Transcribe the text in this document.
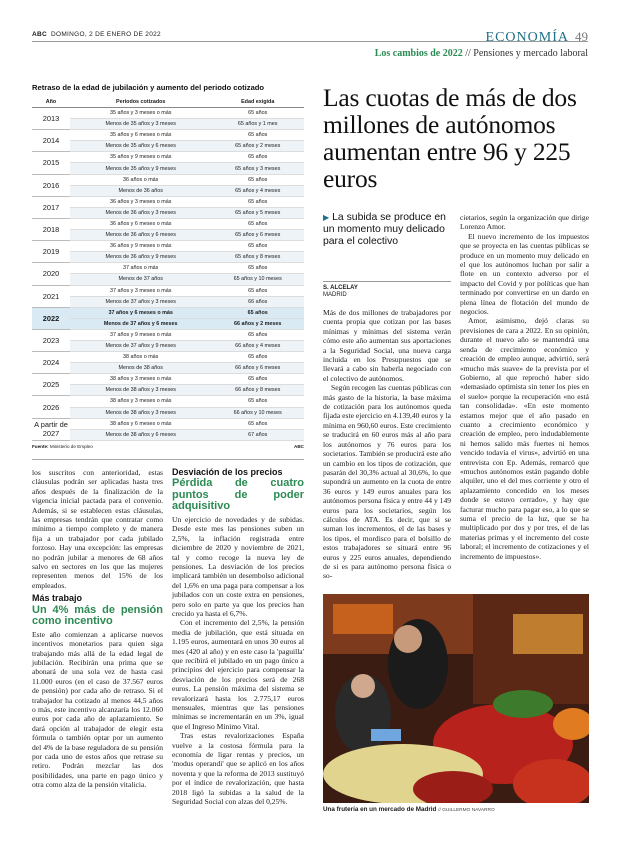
ABC DOMINGO, 2 DE ENERO DE 2022	ECONOMÍA 49
Los cambios de 2022 // Pensiones y mercado laboral
Retraso de la edad de jubilación y aumento del periodo cotizado
Año	Periodos cotizados	Edad exigida
2013	35 años y 3 meses o más	65 años
	Menos de 35 años y 3 meses	65 años y 1 mes
2014	35 años y 6 meses o más	65 años
	Menos de 35 años y 6 meses	65 años y 2 meses
2015	35 años y 9 meses o más	65 años
	Menos de 35 años y 9 meses	65 años y 3 meses
2016	36 años o más	65 años
	Menos de 36 años	65 años y 4 meses
2017	36 años y 3 meses o más	65 años
	Menos de 36 años y 3 meses	65 años y 5 meses
2018	36 años y 6 meses o más	65 años
	Menos de 36 años y 6 meses	65 años y 6 meses
2019	36 años y 9 meses o más	65 años
	Menos de 36 años y 9 meses	65 años y 8 meses
2020	37 años o más	65 años
	Menos de 37 años	65 años y 10 meses
2021	37 años y 3 meses o más	65 años
	Menos de 37 años y 3 meses	66 años
2022	37 años y 6 meses o más	65 años
	Menos de 37 años y 6 meses	66 años y 2 meses
2023	37 años y 9 meses o más	65 años
	Menos de 37 años y 9 meses	66 años y 4 meses
2024	38 años o más	65 años
	Menos de 38 años	66 años y 6 meses
2025	38 años y 3 meses o más	65 años
	Menos de 38 años y 3 meses	66 años y 8 meses
2026	38 años y 3 meses o más	65 años
	Menos de 38 años y 3 meses	66 años y 10 meses
A partir de 2027	38 años y 6 meses o más	65 años
	Menos de 38 años y 6 meses	67 años
Fuente: Ministerio de Empleo	ABC
Las cuotas de más de dos millones de autónomos aumentan entre 96 y 225 euros
▶ La subida se produce en un momento muy delicado para el colectivo
S. ALCELAY
MADRID

Más de dos millones de trabajadores por cuenta propia que cotizan por las bases mínimas y mínimas del sistema verán cómo este año aumentan sus aportaciones a la Seguridad Social, una nueva carga incluida en los Presupuestos que se llevará a cabo sin haberla negociado con el colectivo de autónomos.

Según recogen las cuentas públicas con más gasto de la historia, la base máxima de cotización para los autónomos queda fijada este ejercicio en 4.139,40 euros y la mínima en 960,60 euros. Este crecimiento se traducirá en 60 euros más al año para los autónomos y 76 euros para los societarios. También se producirá este año un cambio en los tipos de cotización, que pasarán del 30,3% actual al 30,6%, lo que supondrá un aumento en la cuota de entre 36 euros y 149 euros anuales para los autónomos persona física y entre 44 y 149 euros para los societarios, según los cálculos de ATA. Es decir, que si se suman los incrementos, el de las bases y los tipos, el mordisco para el bolsillo de estos trabajadores se situará entre 96 euros y 225 euros anuales, dependiendo de si es para autónomo persona física o so-

cietarios, según la organización que dirige Lorenzo Amor.

El nuevo incremento de los impuestos que se proyecta en las cuentas públicas se produce en un momento muy delicado en el que los autónomos luchan por salir a flote en un contexto adverso por el impacto del Covid y por políticas que han terminado por convertirse en un dardo en plena línea de flotación del mundo de negocios.

Amor, asimismo, dejó claras su previsiones de cara a 2022. En su opinión, durante el nuevo año se mantendrá una senda de crecimiento económico y creación de empleo aunque, advirtió, será «mucho más suave» de la prevista por el Gobierno, al que reprochó haber sido «demasiado optimista sin tener los pies en el suelo» porque la recuperación «no está tan consolidada». «En este momento estamos mejor que el año pasado en cuanto a crecimiento económico y creación de empleo, pero indudablemente ni hemos salido más fuertes ni hemos vencido todavía el virus», advirtió en una entrevista con Ep. Además, remarcó que «muchos autónomos están pagando doble alquiler, uno el del mes corriente y otro el aplazamiento concedido en los meses donde se estuvo cerrado», y hay que facturar mucho para pagar eso, a lo que se suma el precio de la luz, que se ha multiplicado por dos y por tres, el de las materias primas y el incremento del coste laboral; el incremento de cotizaciones y el incremento de impuestos».

los suscritos con anterioridad, estas cláusulas podrán ser aplicadas hasta tres años después de la finalización de la vigencia inicial pactada para el convenio. Además, si se establecen estas cláusulas, las empresas tendrán que contratar como mínimo a tiempo completo y de manera fija a un trabajador por cada jubilado forzoso. Hay una excepción: las empresas no podrán jubilar a menores de 68 años salvo en sectores en los que las mujeres representen menos del 15% de los empleados.

Más trabajo
Un 4% más de pensión como incentivo

Este año comienzan a aplicarse nuevos incentivos monetarios para quien siga trabajando más allá de la edad legal de jubilación. Recibirán una prima que se abonará de una sola vez de hasta casi 11.000 euros (en el caso de 37.567 euros de pensión) por cada año de retraso. Si el trabajador ha cotizado al menos 44,5 años o más, este incentivo alcanzaría los 12.060 euros por cada año de aplazamiento. Se dará opción al trabajador de elegir esta fórmula o también optar por un aumento del 4% de la base reguladora de su pensión por cada uno de estos años que retrase su retiro. Podrán mezclar las dos posibilidades, una parte en pago único y otra como alza de la pensión vitalicia.

Desviación de los precios
Pérdida de cuatro puntos de poder adquisitivo

Un ejercicio de novedades y de subidas. Desde este mes las pensiones suben un 2,5%, la inflación registrada entre diciembre de 2020 y noviembre de 2021, tal y como recoge la nueva ley de pensiones. La desviación de los precios implicará también un desembolso adicional del 1,6% en una paga para compensar a los jubilados con un coste extra en pensiones, pero solo en parte ya que los precios han crecido ya hasta el 6,7%.

Con el incremento del 2,5%, la pensión media de jubilación, que está situada en 1.195 euros, aumentará en unos 30 euros al mes (420 al año) y en este caso la 'paguilla' que recibirá el jubilado en un pago único a principios del ejercicio para compensar la desviación de los precios será de 268 euros. La pensión máxima del sistema se revalorizará hasta los 2.775,17 euros mensuales, mientras que las pensiones mínimas se incrementarán en un 3%, igual que el Ingreso Mínimo Vital.

Tras estas revalorizaciones España vuelve a la costosa fórmula para la economía de ligar rentas y precios, un 'modus operandi' que se aplicó en los años noventa y que la reforma de 2013 sustituyó por el índice de revalorización, que hasta 2018 ligó la subidas a la salud de la Seguridad Social con alzas del 0,25%.

Una frutería en un mercado de Madrid // GUILLERMO NAVARRO
